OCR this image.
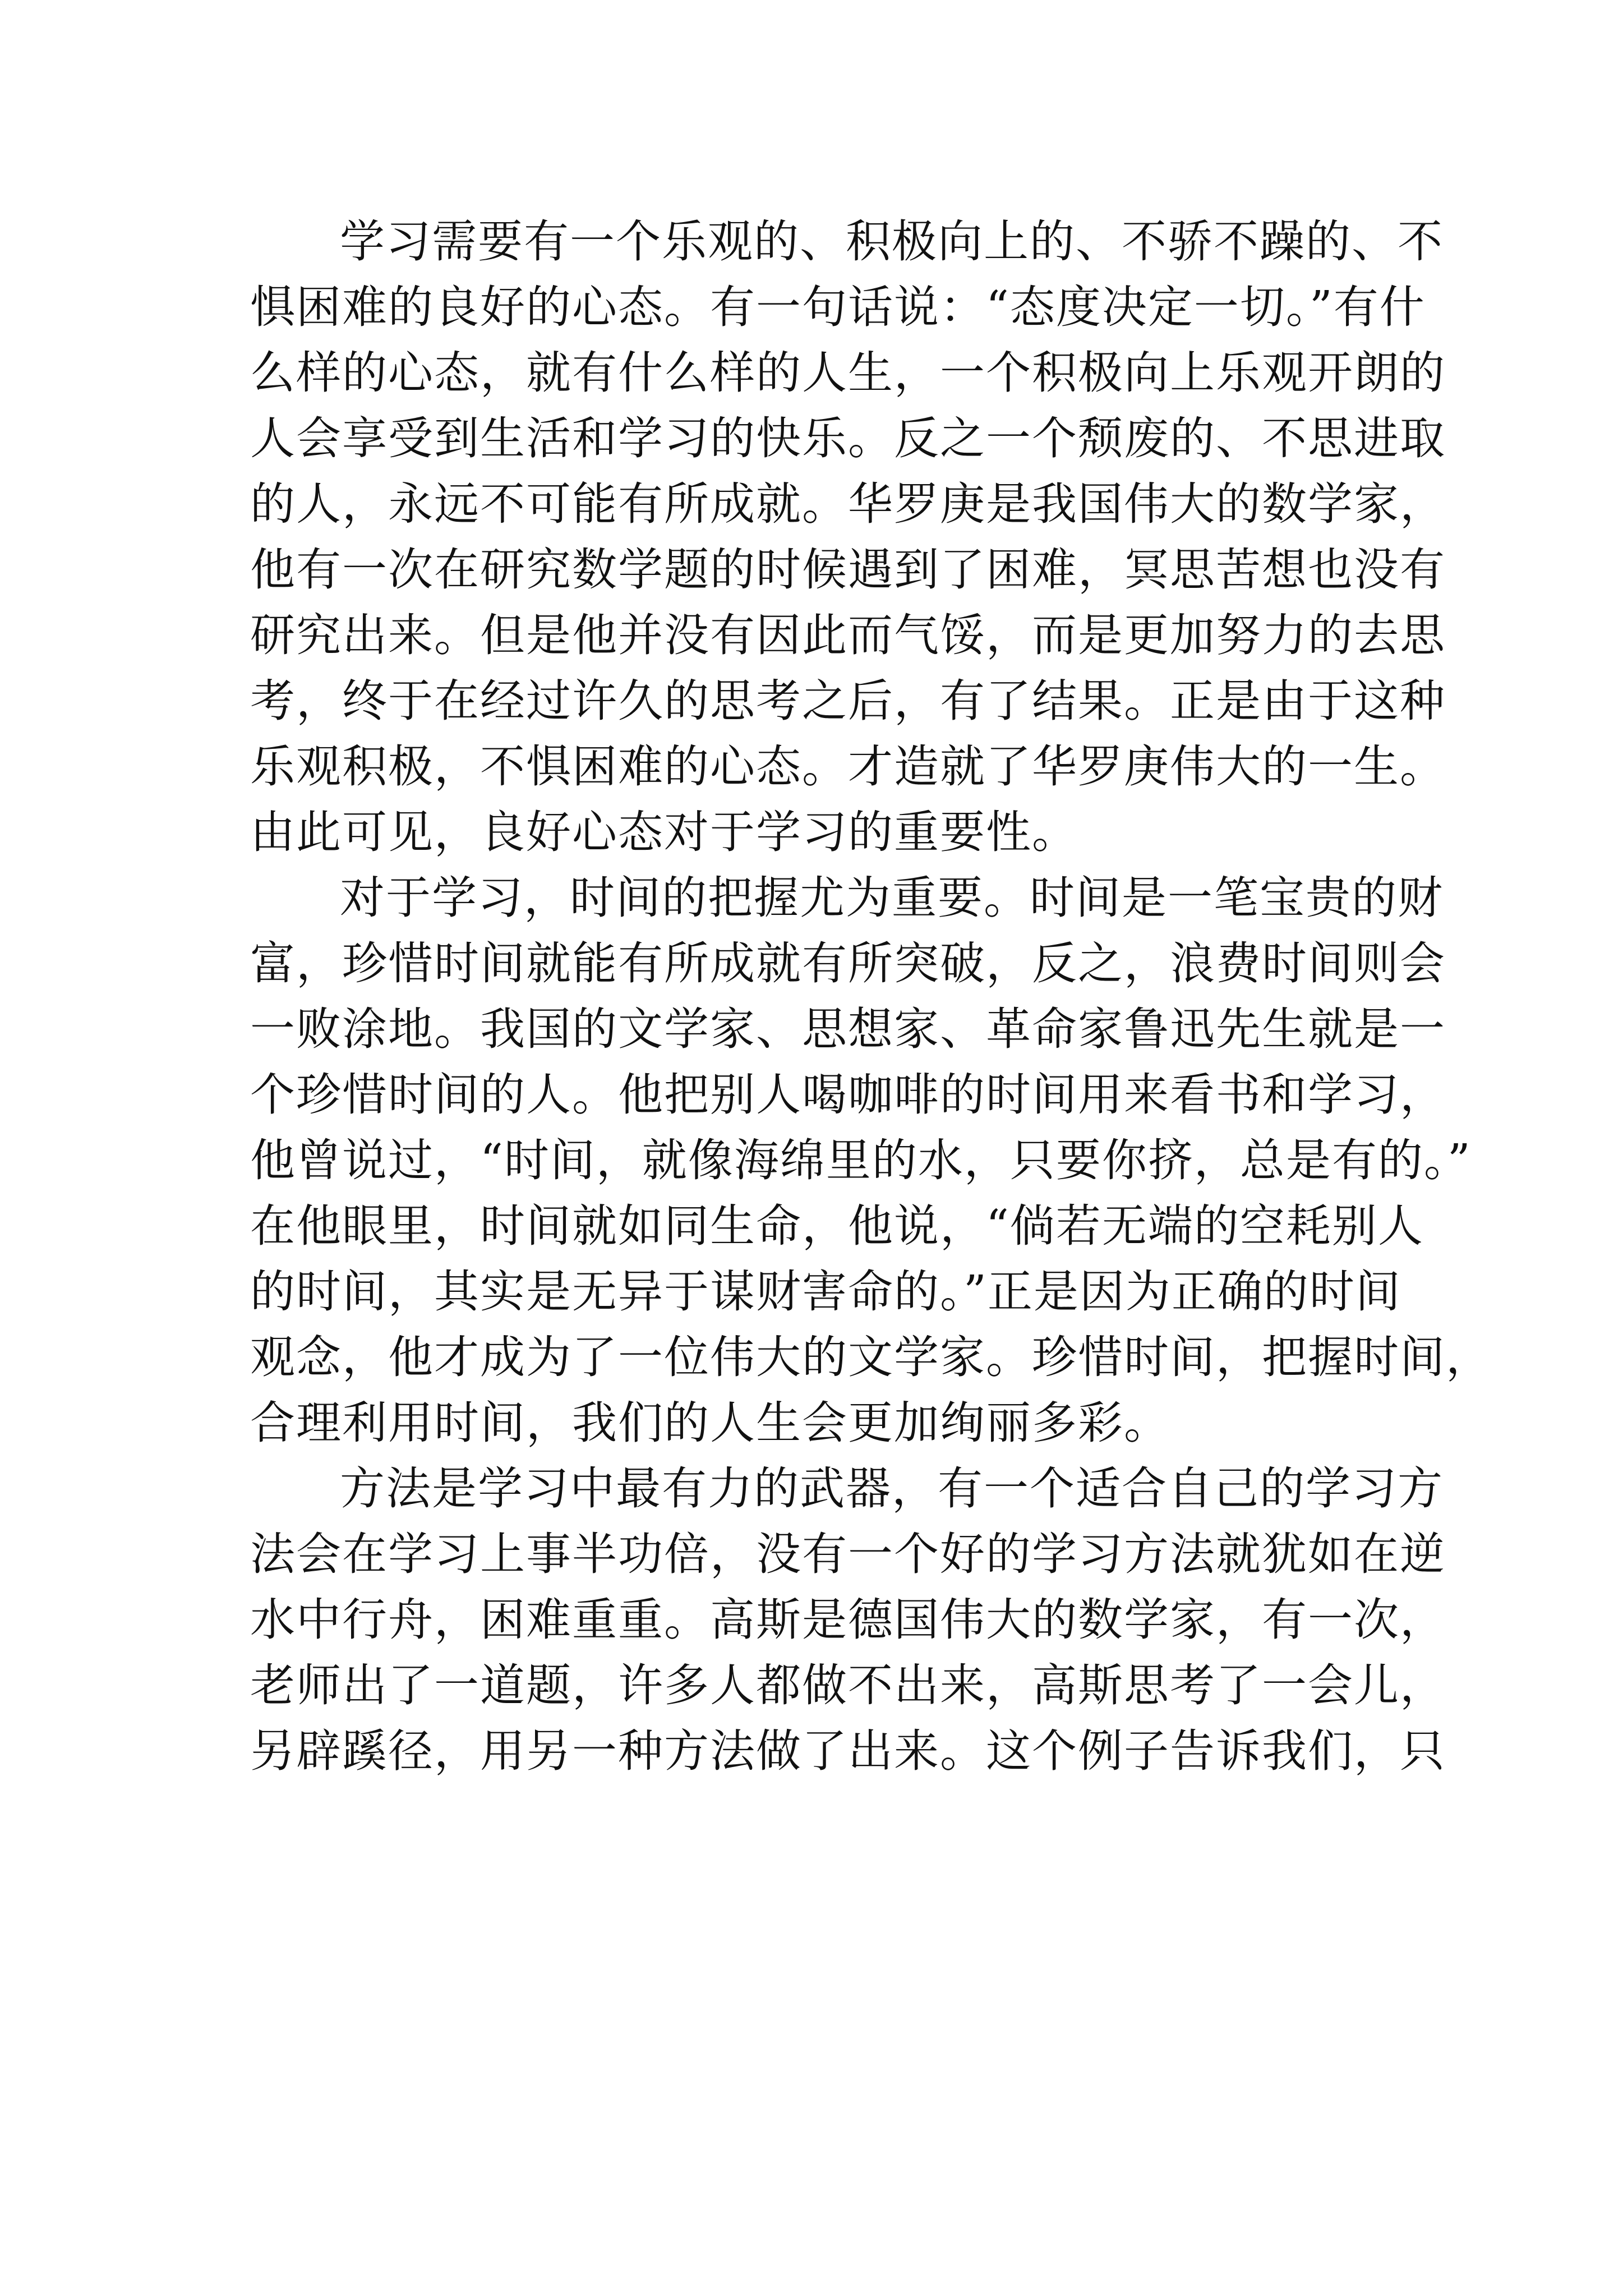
学习需要有一个乐观的、积极向上的、不骄不躁的、不
惧困难的良好的心态。有一句话说：“态度决定一切。”有什
么样的心态，就有什么样的人生，一个积极向上乐观开朗的
人会享受到生活和学习的快乐。反之一个颓废的、不思进取
的人，永远不可能有所成就。华罗庚是我国伟大的数学家，
他有一次在研究数学题的时候遇到了困难，冥思苦想也没有
研究出来。但是他并没有因此而气馁，而是更加努力的去思
考，终于在经过许久的思考之后，有了结果。正是由于这种
乐观积极，不惧困难的心态。才造就了华罗庚伟大的一生。
由此可见，良好心态对于学习的重要性。
对于学习，时间的把握尤为重要。时间是一笔宝贵的财
富，珍惜时间就能有所成就有所突破，反之，浪费时间则会
一败涂地。我国的文学家、思想家、革命家鲁迅先生就是一
个珍惜时间的人。他把别人喝咖啡的时间用来看书和学习，
他曾说过，“时间，就像海绵里的水，只要你挤，总是有的。”
在他眼里，时间就如同生命，他说，“倘若无端的空耗别人
的时间，其实是无异于谋财害命的。”正是因为正确的时间
观念，他才成为了一位伟大的文学家。珍惜时间，把握时间，
合理利用时间，我们的人生会更加绚丽多彩。
方法是学习中最有力的武器，有一个适合自己的学习方
法会在学习上事半功倍，没有一个好的学习方法就犹如在逆
水中行舟，困难重重。高斯是德国伟大的数学家，有一次，
老师出了一道题，许多人都做不出来，高斯思考了一会儿，
另辟蹊径，用另一种方法做了出来。这个例子告诉我们，只
